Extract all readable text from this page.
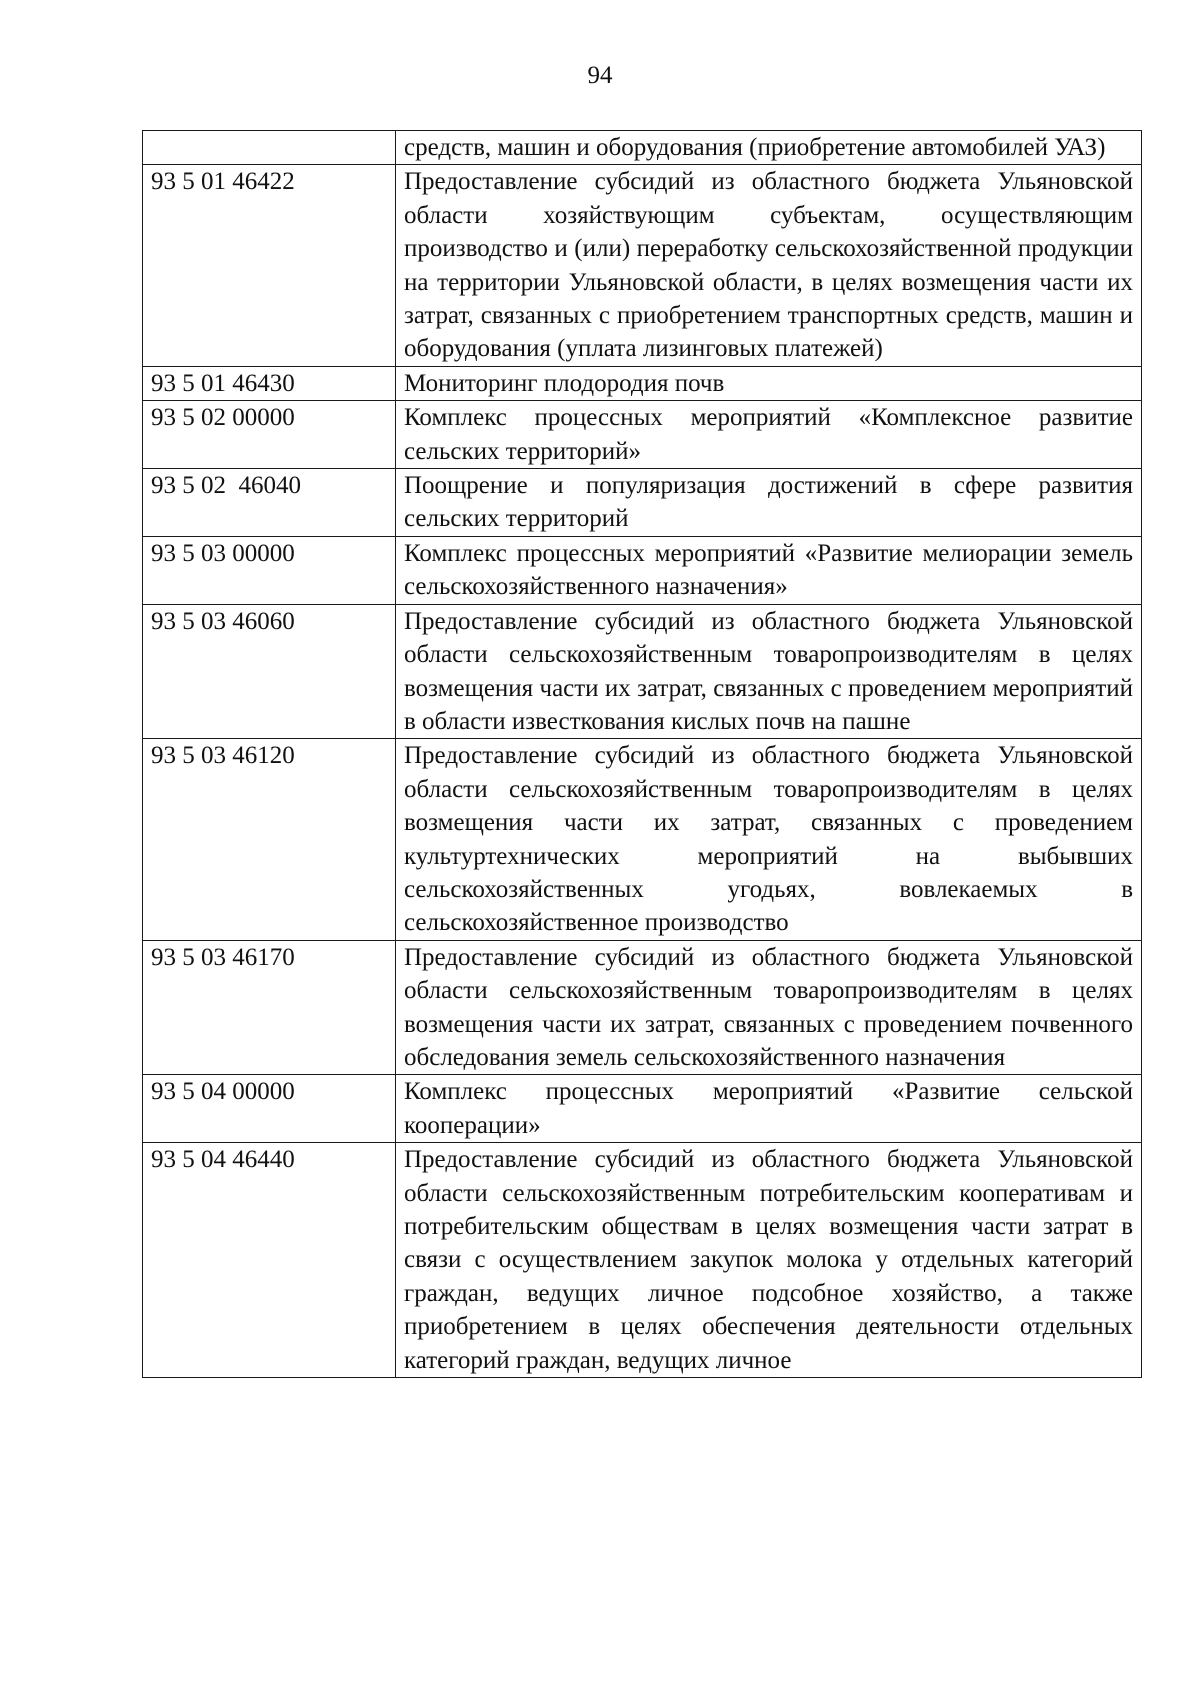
94
	средств, машин и оборудования (приобретение автомобилей УАЗ)
93 5 01 46422	Предоставление субсидий из областного бюджета Ульяновской области хозяйствующим субъектам, осуществляющим производство и (или) переработку сельскохозяйственной продукции на территории Ульяновской области, в целях возмещения части их затрат, связанных с приобретением транспортных средств, машин и оборудования (уплата лизинговых платежей)
93 5 01 46430	Мониторинг плодородия почв
93 5 02 00000	Комплекс процессных мероприятий «Комплексное развитие сельских территорий»
93 5 02  46040	Поощрение и популяризация достижений в сфере развития сельских территорий
93 5 03 00000	Комплекс процессных мероприятий «Развитие мелиорации земель сельскохозяйственного назначения»
93 5 03 46060	Предоставление субсидий из областного бюджета Ульяновской области сельскохозяйственным товаропроизводителям в целях возмещения части их затрат, связанных с проведением мероприятий в области известкования кислых почв на пашне
93 5 03 46120	Предоставление субсидий из областного бюджета Ульяновской области сельскохозяйственным товаропроизводителям в целях возмещения части их затрат, связанных с проведением культуртехнических мероприятий на выбывших сельскохозяйственных угодьях, вовлекаемых в сельскохозяйственное производство
93 5 03 46170	Предоставление субсидий из областного бюджета Ульяновской области сельскохозяйственным товаропроизводителям в целях возмещения части их затрат, связанных с проведением почвенного обследования земель сельскохозяйственного назначения
93 5 04 00000	Комплекс процессных мероприятий «Развитие сельской кооперации»
93 5 04 46440	Предоставление субсидий из областного бюджета Ульяновской области сельскохозяйственным потребительским кооперативам и потребительским обществам в целях возмещения части затрат в связи с осуществлением закупок молока у отдельных категорий граждан, ведущих личное подсобное хозяйство, а также приобретением в целях обеспечения деятельности отдельных категорий граждан, ведущих личное
